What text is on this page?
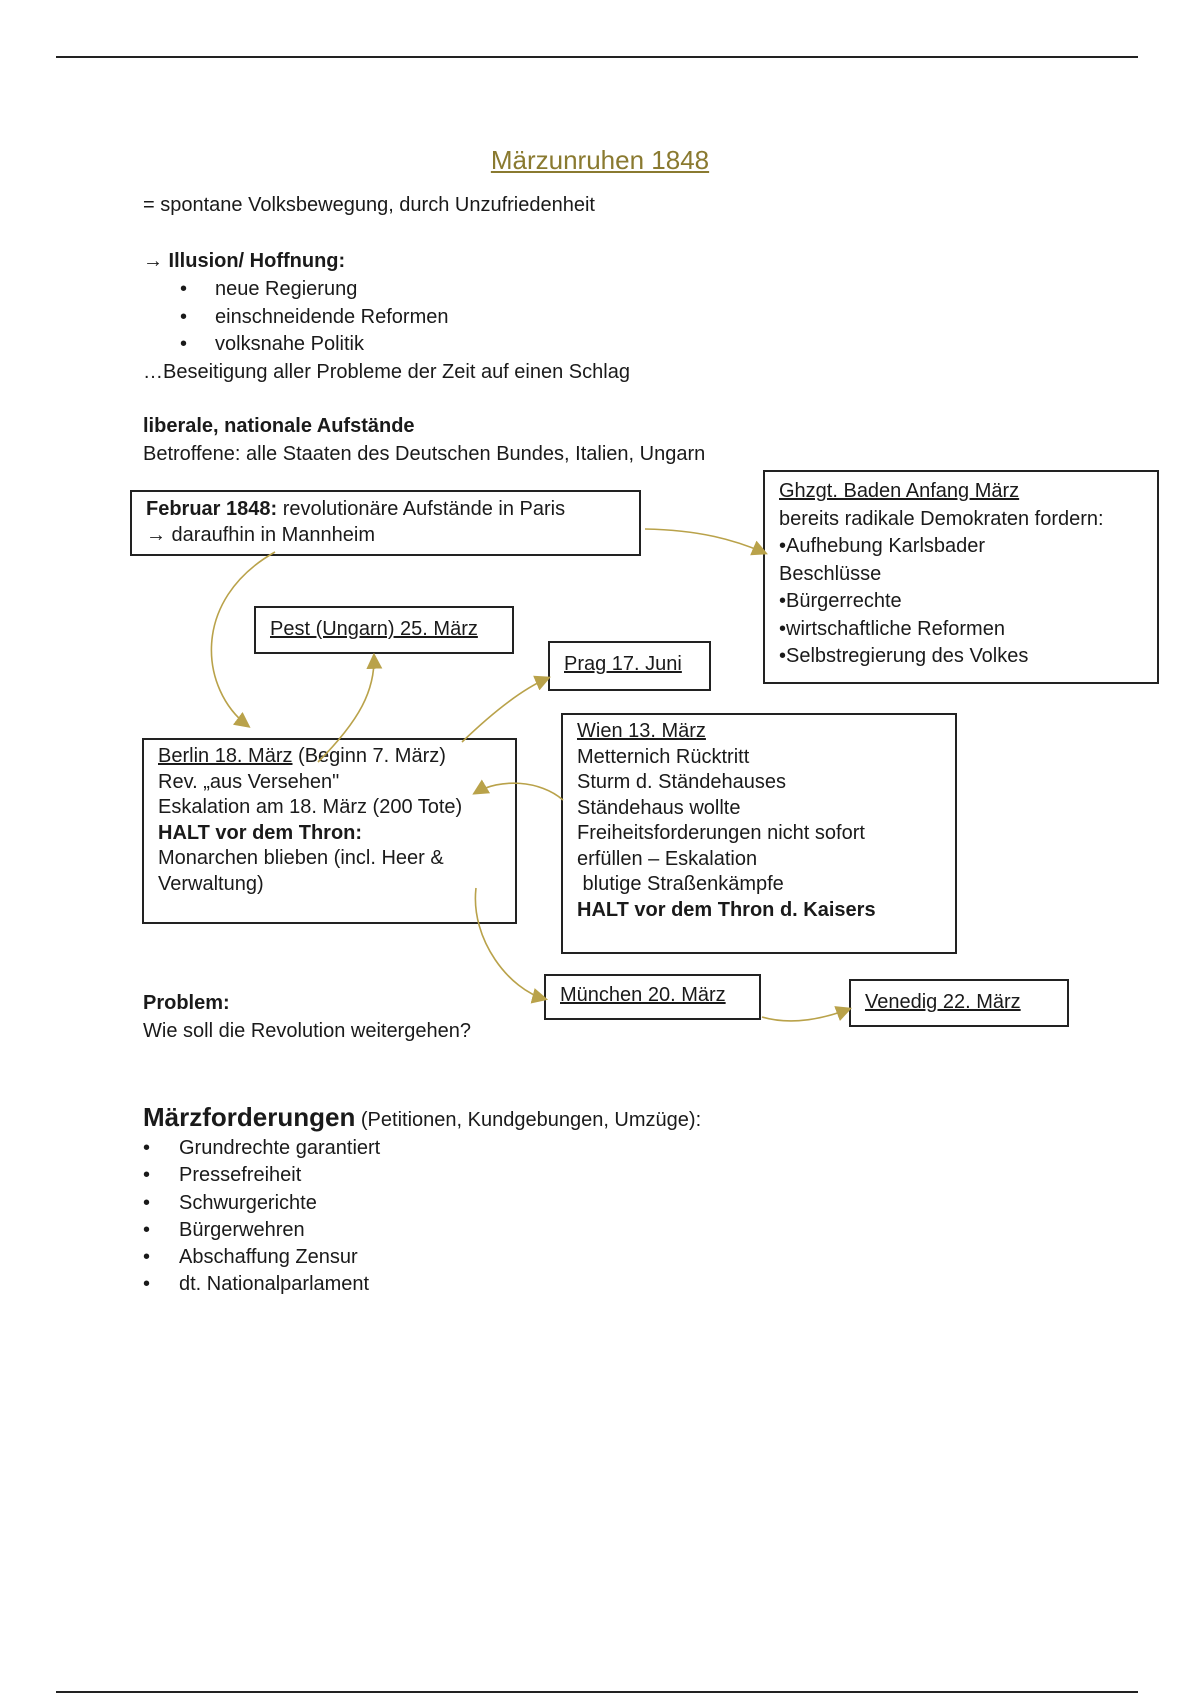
Märzunruhen 1848
= spontane Volksbewegung, durch Unzufriedenheit
→ Illusion/ Hoffnung:
• neue Regierung
• einschneidende Reformen
• volksnahe Politik
…Beseitigung aller Probleme der Zeit auf einen Schlag
liberale, nationale Aufstände
Betroffene: alle Staaten des Deutschen Bundes, Italien, Ungarn
Februar 1848: revolutionäre Aufstände in Paris
→ daraufhin in Mannheim
Ghzgt. Baden Anfang März
bereits radikale Demokraten fordern:
•Aufhebung Karlsbader
Beschlüsse
•Bürgerrechte
•wirtschaftliche Reformen
•Selbstregierung des Volkes
Pest (Ungarn) 25. März
Prag 17. Juni
Wien 13. März
Metternich Rücktritt
Sturm d. Ständehauses
Ständehaus wollte
Freiheitsforderungen nicht sofort
erfüllen – Eskalation
blutige Straßenkämpfe
HALT vor dem Thron d. Kaisers
Berlin 18. März (Beginn 7. März)
Rev. „aus Versehen"
Eskalation am 18. März (200 Tote)
HALT vor dem Thron:
Monarchen blieben (incl. Heer &
Verwaltung)
München 20. März	Venedig 22. März
Problem:
Wie soll die Revolution weitergehen?
Märzforderungen (Petitionen, Kundgebungen, Umzüge):
• Grundrechte garantiert
• Pressefreiheit
• Schwurgerichte
• Bürgerwehren
• Abschaffung Zensur
• dt. Nationalparlament
